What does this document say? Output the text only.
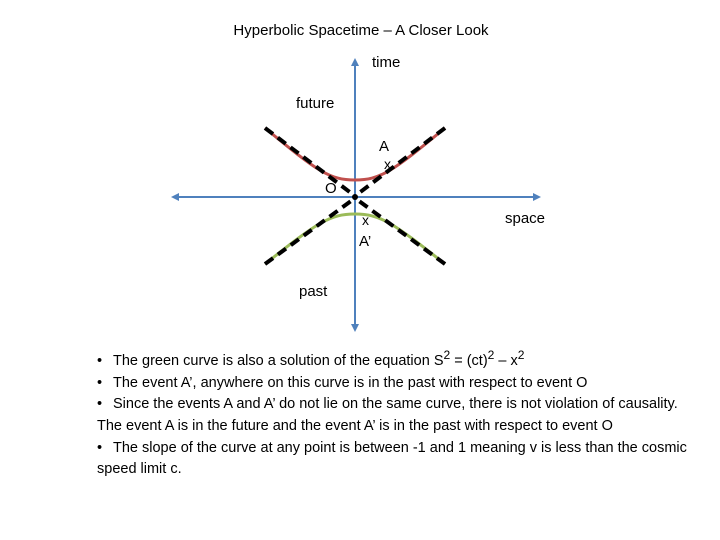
x
x
Hyperbolic Spacetime – A Closer Look
time
future
A
O
space
A’
past
• The green curve is also a solution of the equation $S^2 = (ct)^2 - x^2$
• The event A’, anywhere on this curve is in the past with respect to event O
• Since the events A and A’ do not lie on the same curve, there is not violation of causality. The event A is in the future and the event A’ is in the past with respect to event O
• The slope of the curve at any point is between -1 and 1 meaning v is less than the cosmic speed limit c.
